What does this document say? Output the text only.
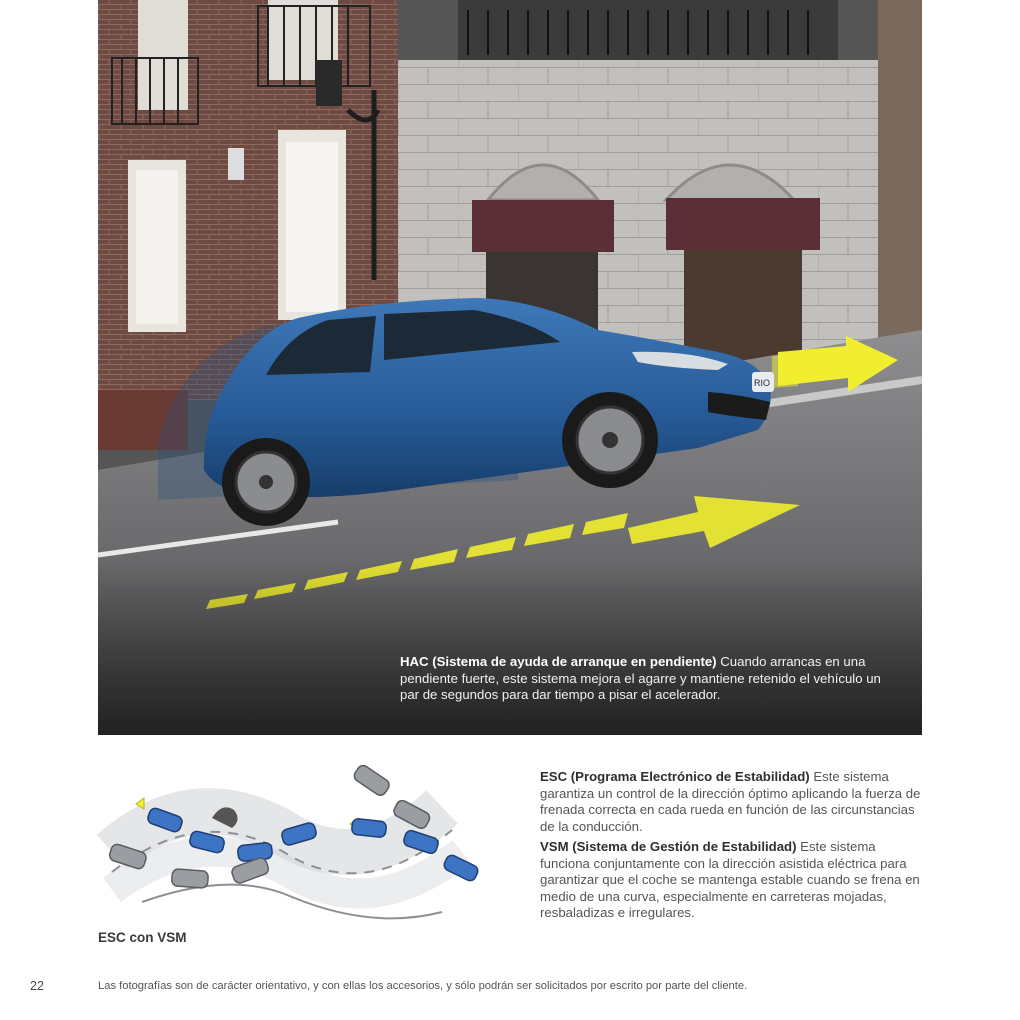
RIO
HAC (Sistema de ayuda de arranque en pendiente) Cuando arrancas en una pendiente fuerte, este sistema mejora el agarre y mantiene retenido el vehículo un par de segundos para dar tiempo a pisar el acelerador.
ESC con VSM
ESC (Programa Electrónico de Estabilidad) Este sistema garantiza un control de la dirección óptimo aplicando la fuerza de frenada correcta en cada rueda en función de las circunstancias de la conducción.
VSM (Sistema de Gestión de Estabilidad) Este sistema funciona conjuntamente con la dirección asistida eléctrica para garantizar que el coche se mantenga estable cuando se frena en medio de una curva, especialmente en carreteras mojadas, resbaladizas e irregulares.
22	Las fotografías son de carácter orientativo, y con ellas los accesorios, y sólo podrán ser solicitados por escrito por parte del cliente.
